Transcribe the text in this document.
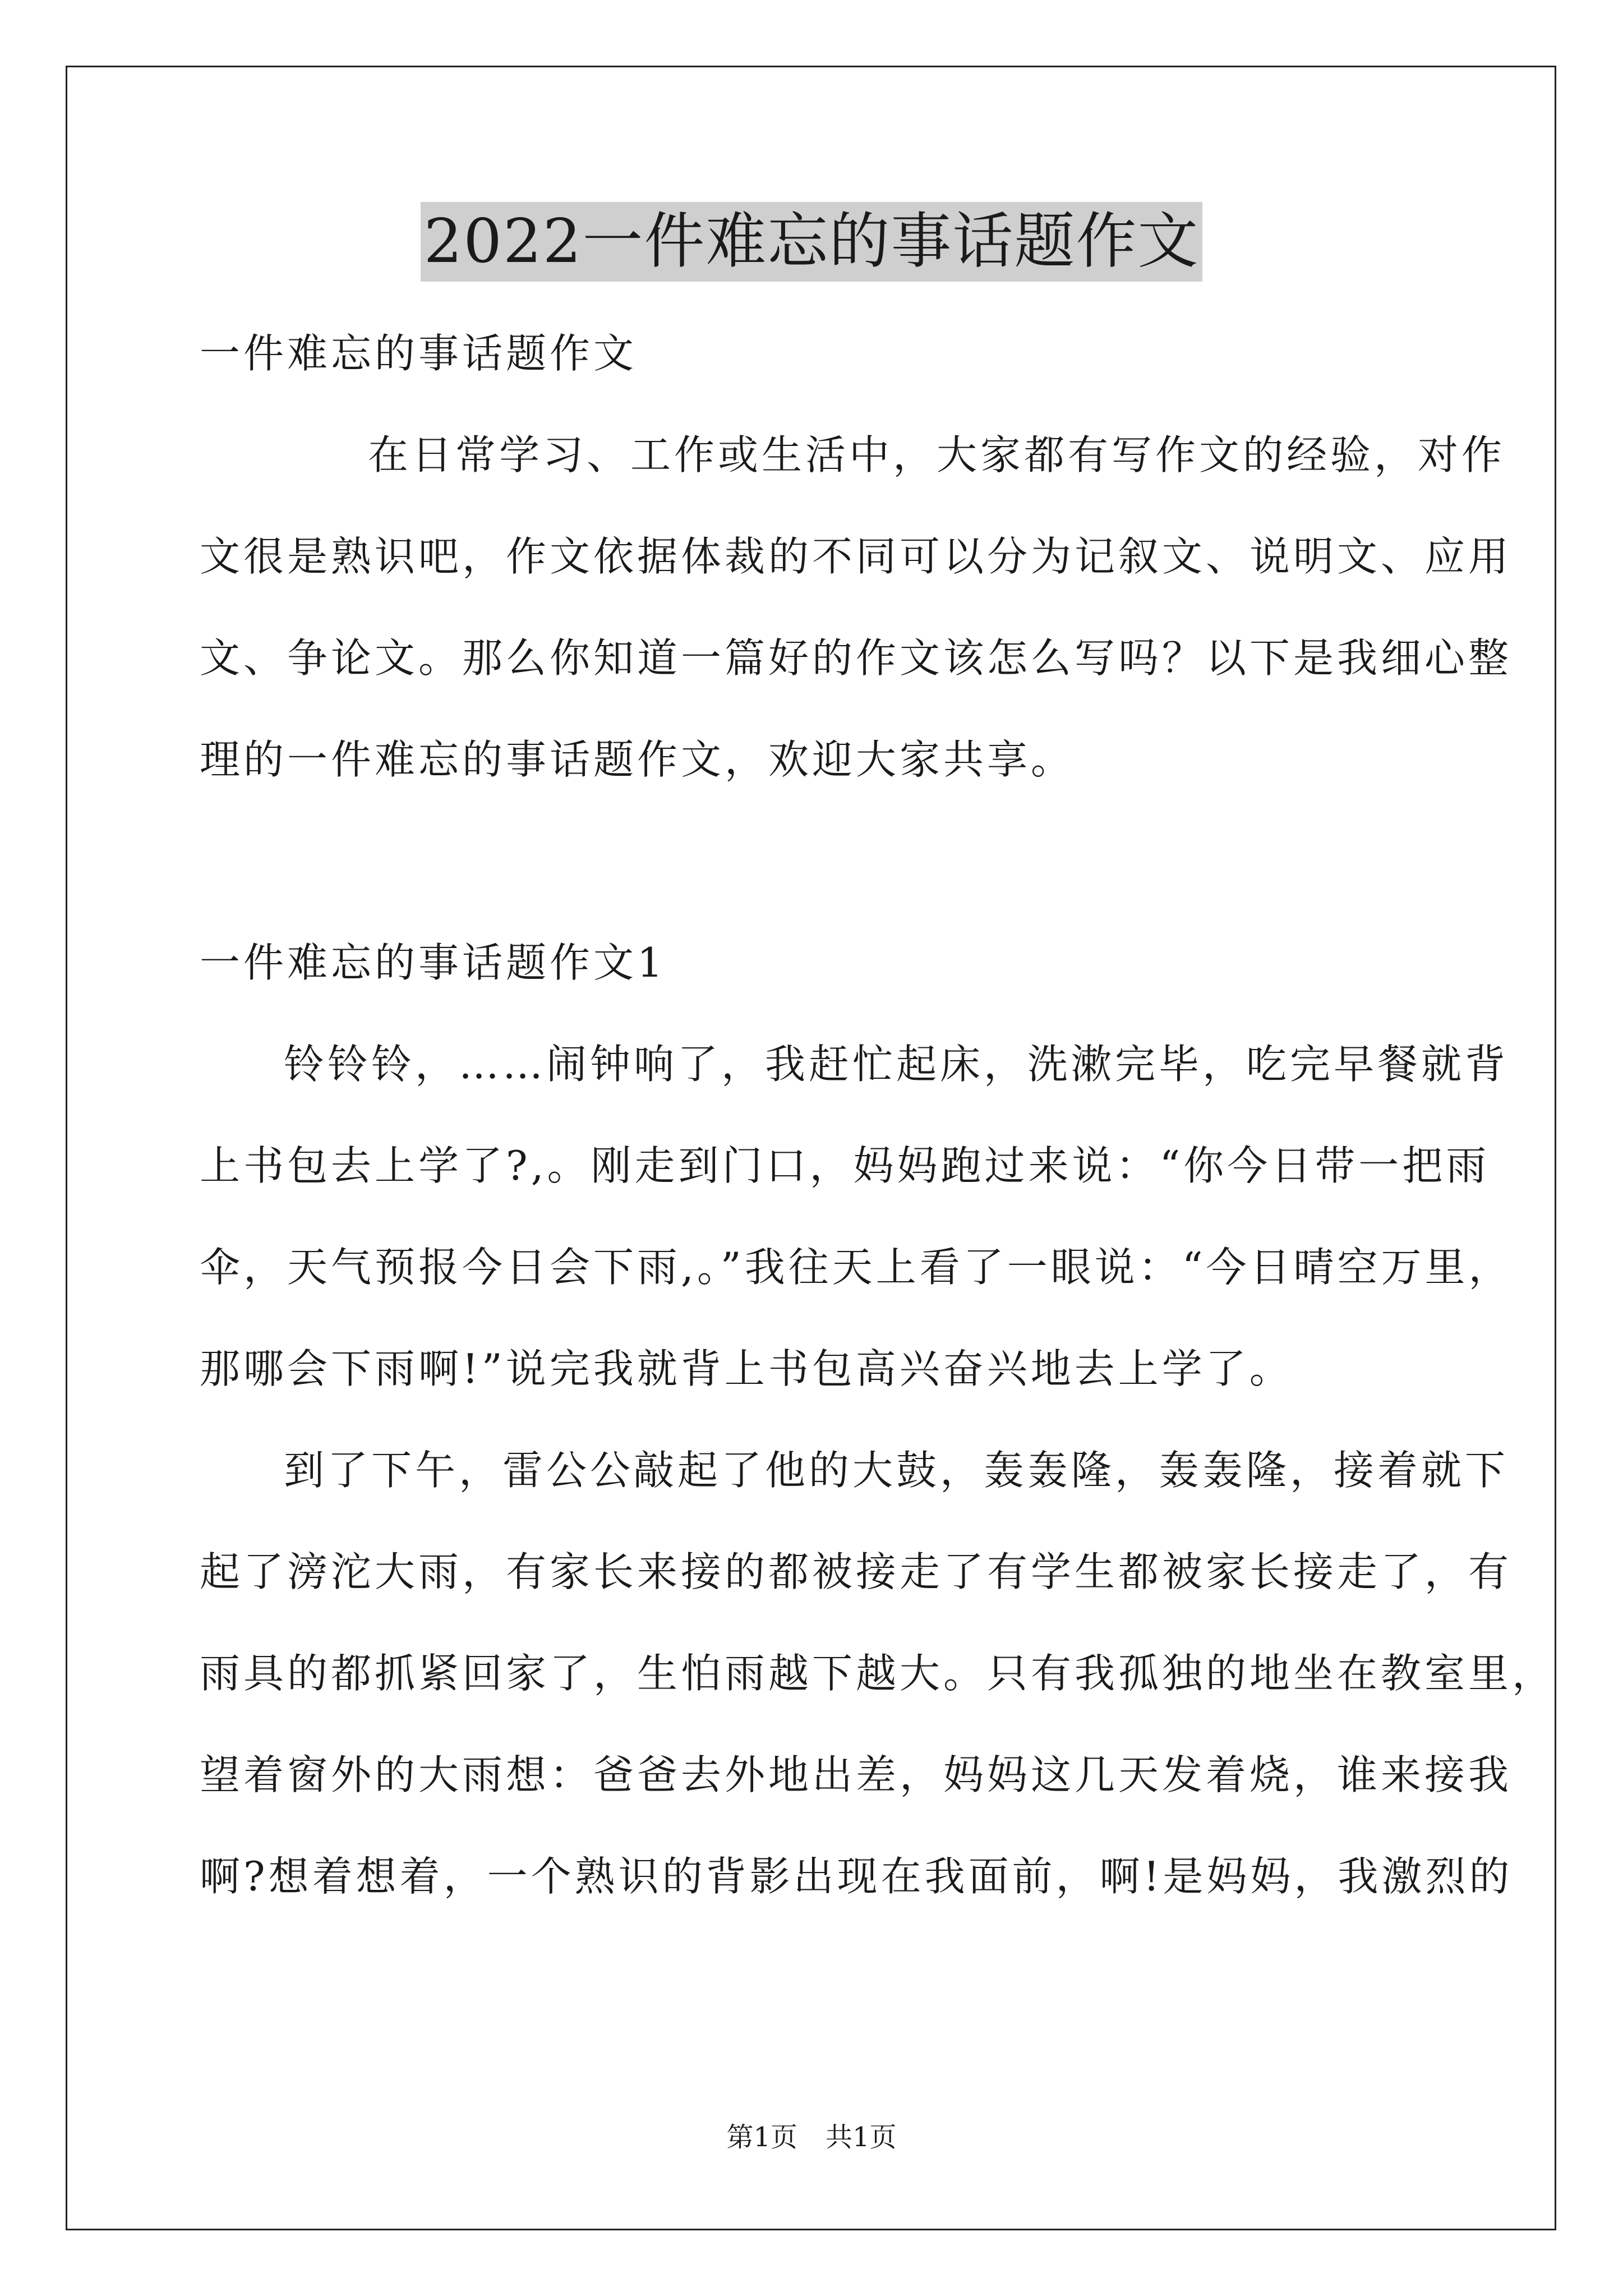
2022一件难忘的事话题作文
一件难忘的事话题作文
在日常学习、工作或生活中，大家都有写作文的经验，对作
文很是熟识吧，作文依据体裁的不同可以分为记叙文、说明文、应用
文、争论文。那么你知道一篇好的作文该怎么写吗？以下是我细心整
理的一件难忘的事话题作文，欢迎大家共享。
一件难忘的事话题作文1
铃铃铃，……闹钟响了，我赶忙起床，洗漱完毕，吃完早餐就背
上书包去上学了?,。刚走到门口，妈妈跑过来说：“你今日带一把雨
伞，天气预报今日会下雨,。”我往天上看了一眼说：“今日晴空万里，
那哪会下雨啊!”说完我就背上书包高兴奋兴地去上学了。
到了下午，雷公公敲起了他的大鼓，轰轰隆，轰轰隆，接着就下
起了滂沱大雨，有家长来接的都被接走了有学生都被家长接走了，有
雨具的都抓紧回家了，生怕雨越下越大。只有我孤独的地坐在教室里，
望着窗外的大雨想：爸爸去外地出差，妈妈这几天发着烧，谁来接我
啊?想着想着，一个熟识的背影出现在我面前，啊!是妈妈，我激烈的
第1页 共1页
